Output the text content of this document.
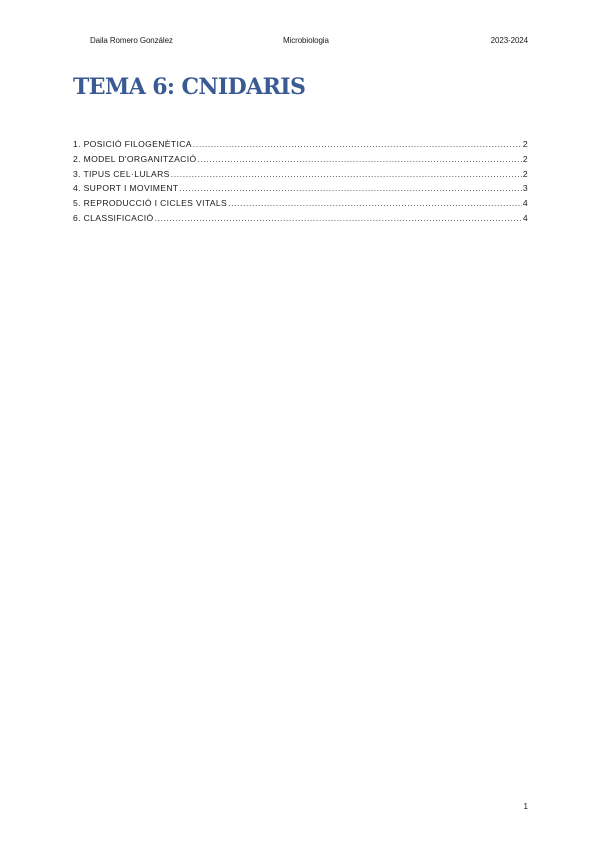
Daila Romero González	Microbiologia	2023-2024
TEMA 6: CNIDARIS
1. POSICIÓ FILOGENÈTICA .....	2
2. MODEL D'ORGANITZACIÓ .....	2
3. TIPUS CEL·LULARS .....	2
4. SUPORT I MOVIMENT .....	3
5. REPRODUCCIÓ I CICLES VITALS .....	4
6. CLASSIFICACIÓ .....	4
1
